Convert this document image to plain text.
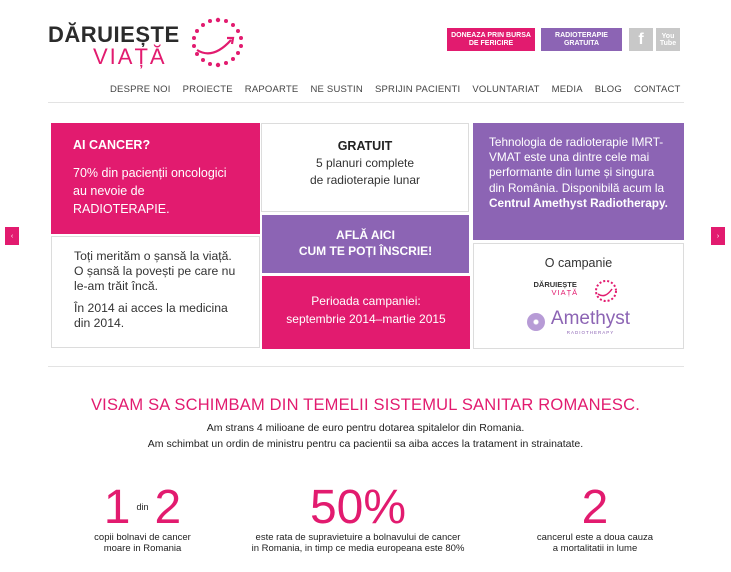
DĂRUIEȘTE
VIAȚĂ
DONEAZA PRIN BURSA DE FERICIRE
RADIOTERAPIE GRATUITA	f	You Tube
DESPRE NOI PROIECTE RAPOARTE NE SUSTIN SPRIJIN PACIENTI VOLUNTARIAT MEDIA BLOG CONTACT
‹	›
AI CANCER?
70% din pacienții oncologici au nevoie de RADIOTERAPIE.
GRATUIT
5 planuri complete
de radioterapie lunar
Tehnologia de radioterapie IMRT-VMAT este una dintre cele mai performante din lume și singura din România. Disponibilă acum la Centrul Amethyst Radiotherapy.
AFLĂ AICI
CUM TE POȚI ÎNSCRIE!
Toți merităm o șansă la viață. O șansă la povești pe care nu le-am trăit încă.
În 2014 ai acces la medicina din 2014.
Perioada campaniei:
septembrie 2014–martie 2015
O campanie
DĂRUIEȘTE
VIAȚĂ
Amethyst
RADIOTHERAPY
VISAM SA SCHIMBAM DIN TEMELII SISTEMUL SANITAR ROMANESC.
Am strans 4 milioane de euro pentru dotarea spitalelor din Romania.
Am schimbat un ordin de ministru pentru ca pacientii sa aiba acces la tratament in strainatate.
1 din 2
copii bolnavi de cancer
moare in Romania
50%
este rata de supravietuire a bolnavului de cancer
in Romania, in timp ce media europeana este 80%
2
cancerul este a doua cauza
a mortalitatii in lume
